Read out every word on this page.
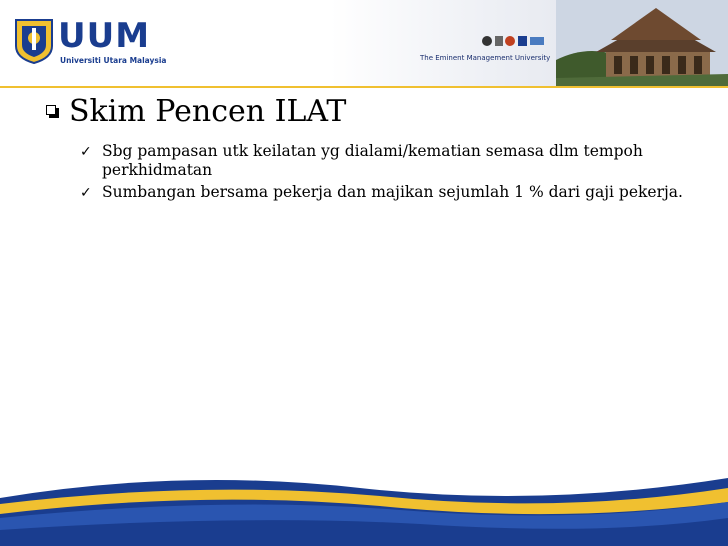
UUM
Universiti Utara Malaysia	The Eminent Management University
Skim Pencen ILAT
✓ Sbg pampasan utk keilatan yg dialami/kematian semasa dlm tempoh perkhidmatan
✓ Sumbangan bersama pekerja dan majikan sejumlah 1 % dari gaji pekerja.
